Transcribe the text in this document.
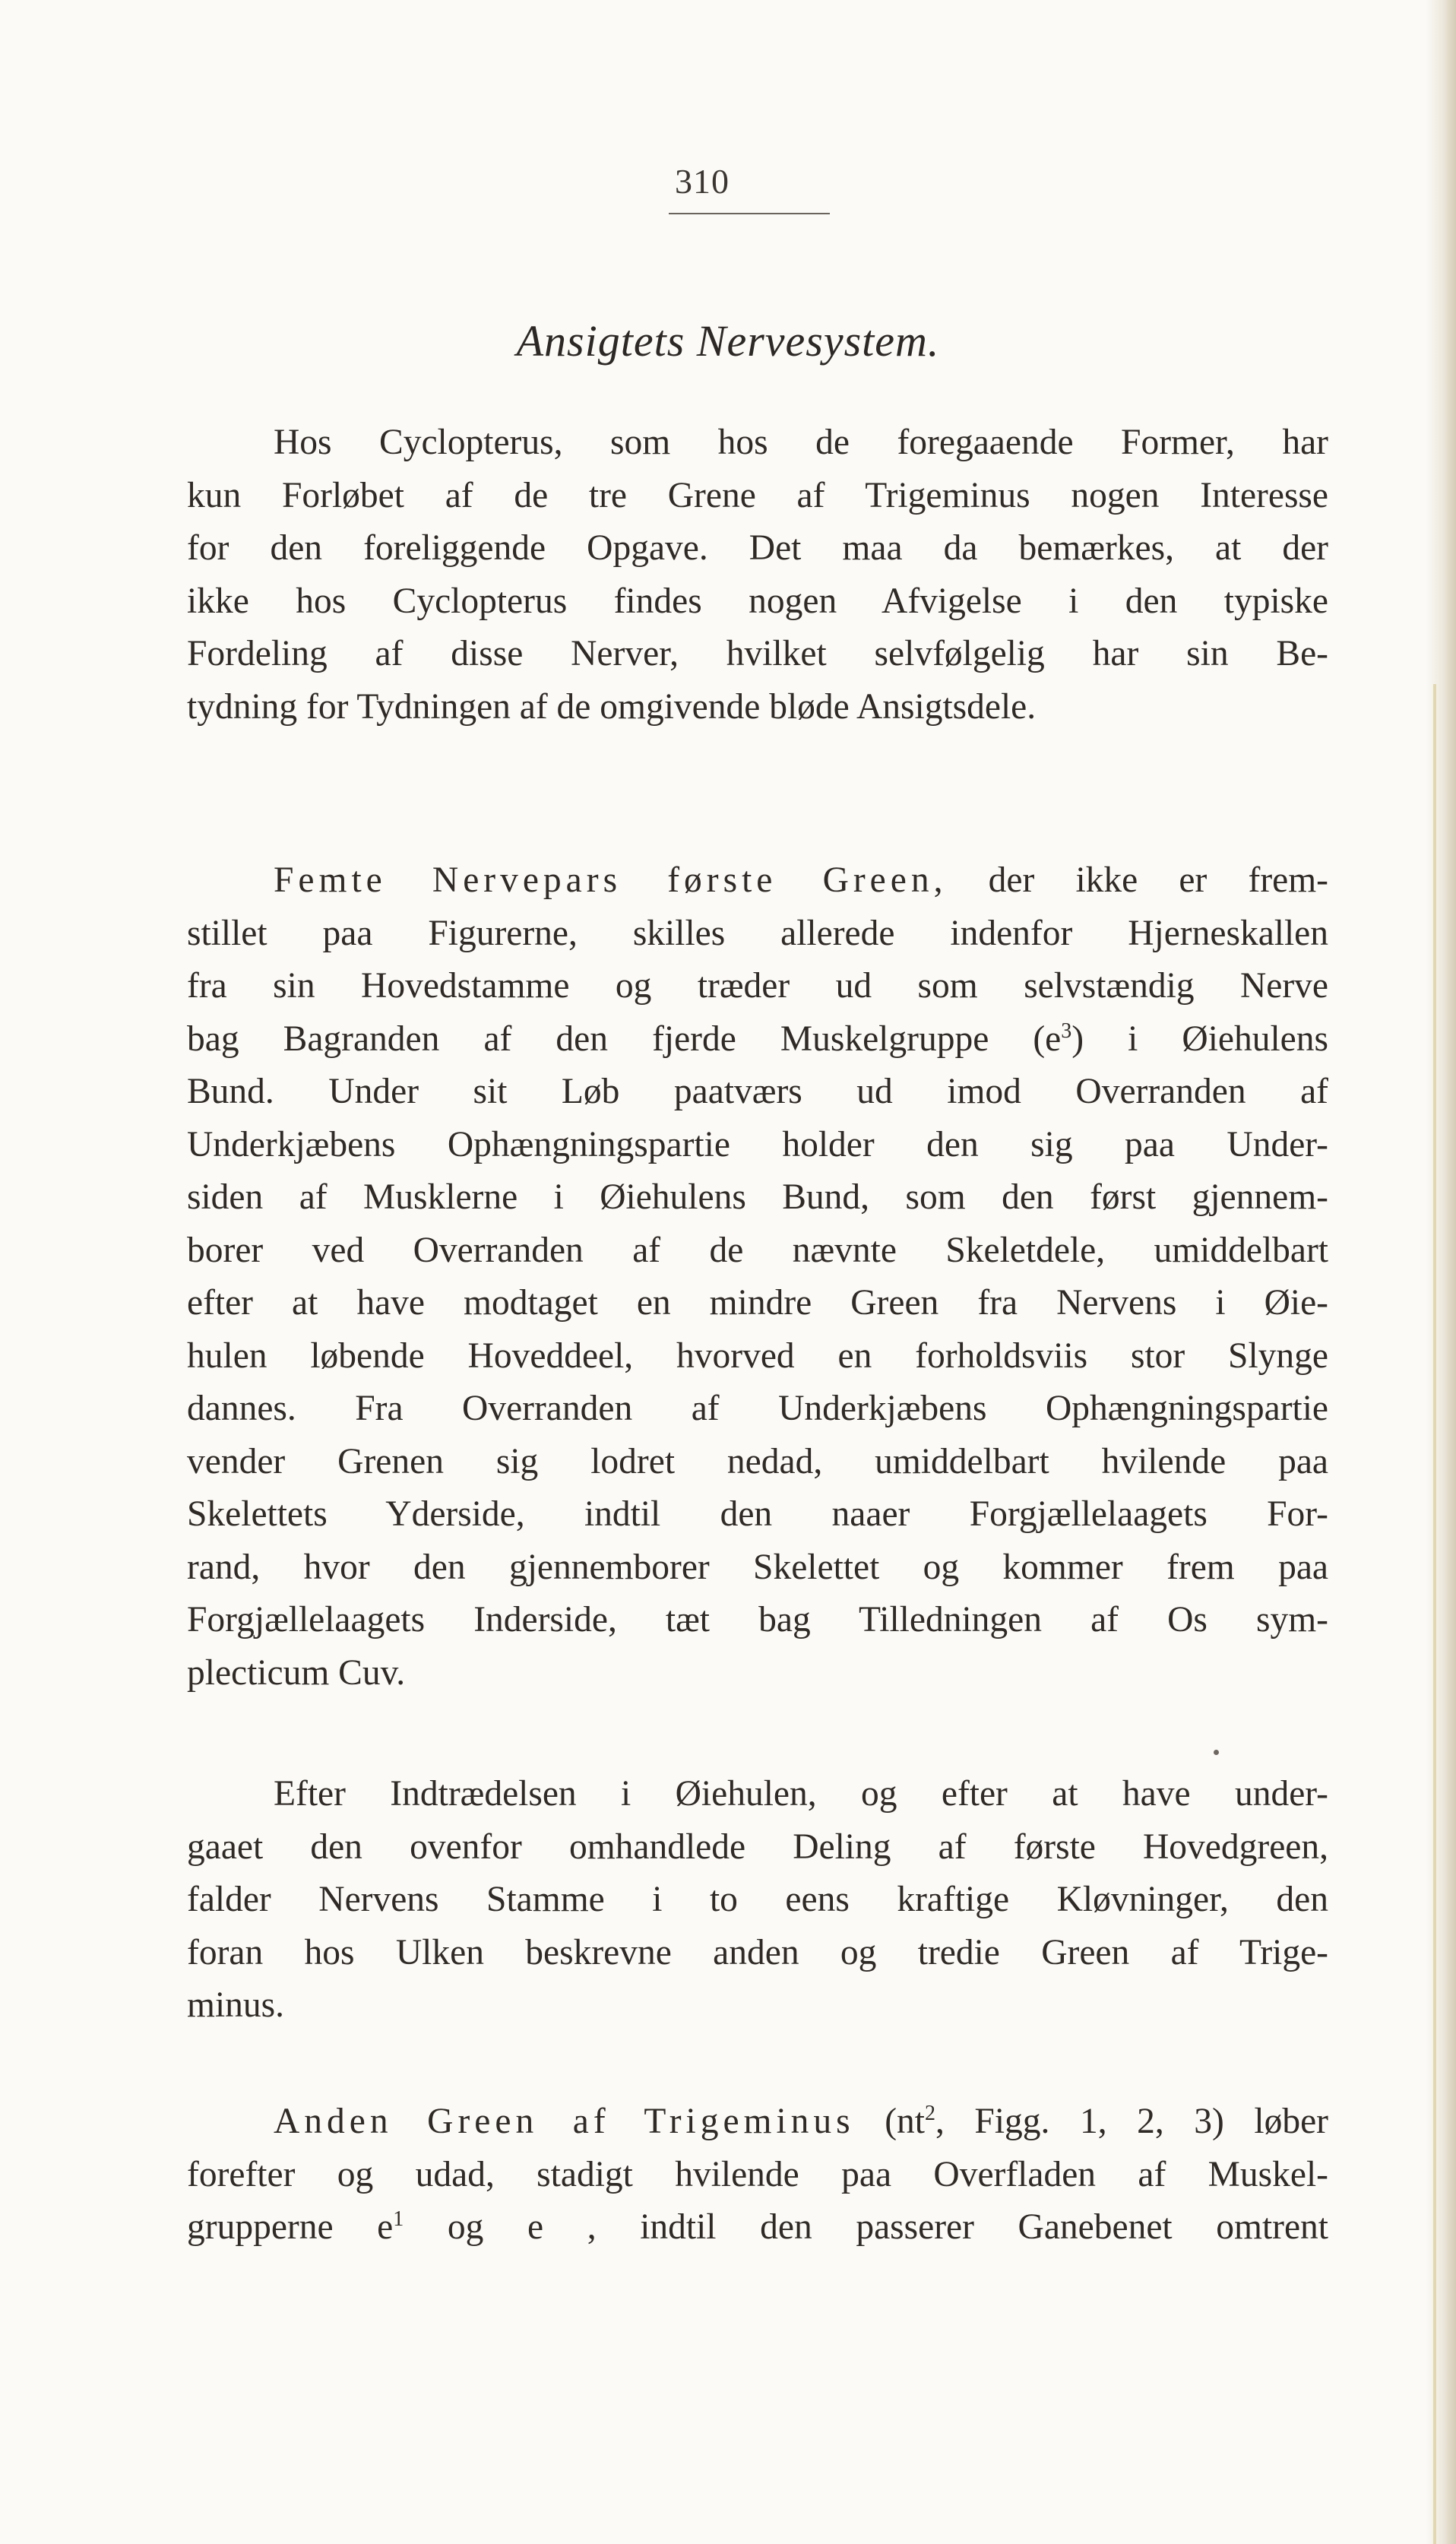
310
Ansigtets Nervesystem.

Hos Cyclopterus, som hos de foregaaende Former, har
kun Forløbet af de tre Grene af Trigeminus nogen Interesse
for den foreliggende Opgave. Det maa da bemærkes, at der
ikke hos Cyclopterus findes nogen Afvigelse i den typiske
Fordeling af disse Nerver, hvilket selvfølgelig har sin Be-
tydning for Tydningen af de omgivende bløde Ansigtsdele.

Femte Nervepars første Green, der ikke er frem-
stillet paa Figurerne, skilles allerede indenfor Hjerneskallen
fra sin Hovedstamme og træder ud som selvstændig Nerve
bag Bagranden af den fjerde Muskelgruppe $(e^3)$ i Øiehulens
Bund. Under sit Løb paatværs ud imod Overranden af
Underkjæbens Ophængningspartie holder den sig paa Under-
siden af Musklerne i Øiehulens Bund, som den først gjennem-
borer ved Overranden af de nævnte Skeletdele, umiddelbart
efter at have modtaget en mindre Green fra Nervens i Øie-
hulen løbende Hoveddeel, hvorved en forholdsviis stor Slynge
dannes. Fra Overranden af Underkjæbens Ophængningspartie
vender Grenen sig lodret nedad, umiddelbart hvilende paa
Skelettets Yderside, indtil den naaer Forgjællelaagets For-
rand, hvor den gjennemborer Skelettet og kommer frem paa
Forgjællelaagets Inderside, tæt bag Tilledningen af Os sym-
plecticum Cuv.

Efter Indtrædelsen i Øiehulen, og efter at have under-
gaaet den ovenfor omhandlede Deling af første Hovedgreen,
falder Nervens Stamme i to eens kraftige Kløvninger, den
foran hos Ulken beskrevne anden og tredie Green af Trige-
minus.

Anden Green af Trigeminus ($nt^2$, Figg. 1, 2, 3) løber
forefter og udad, stadigt hvilende paa Overfladen af Muskel-
grupperne $e^1$ og e , indtil den passerer Ganebenet omtrent
